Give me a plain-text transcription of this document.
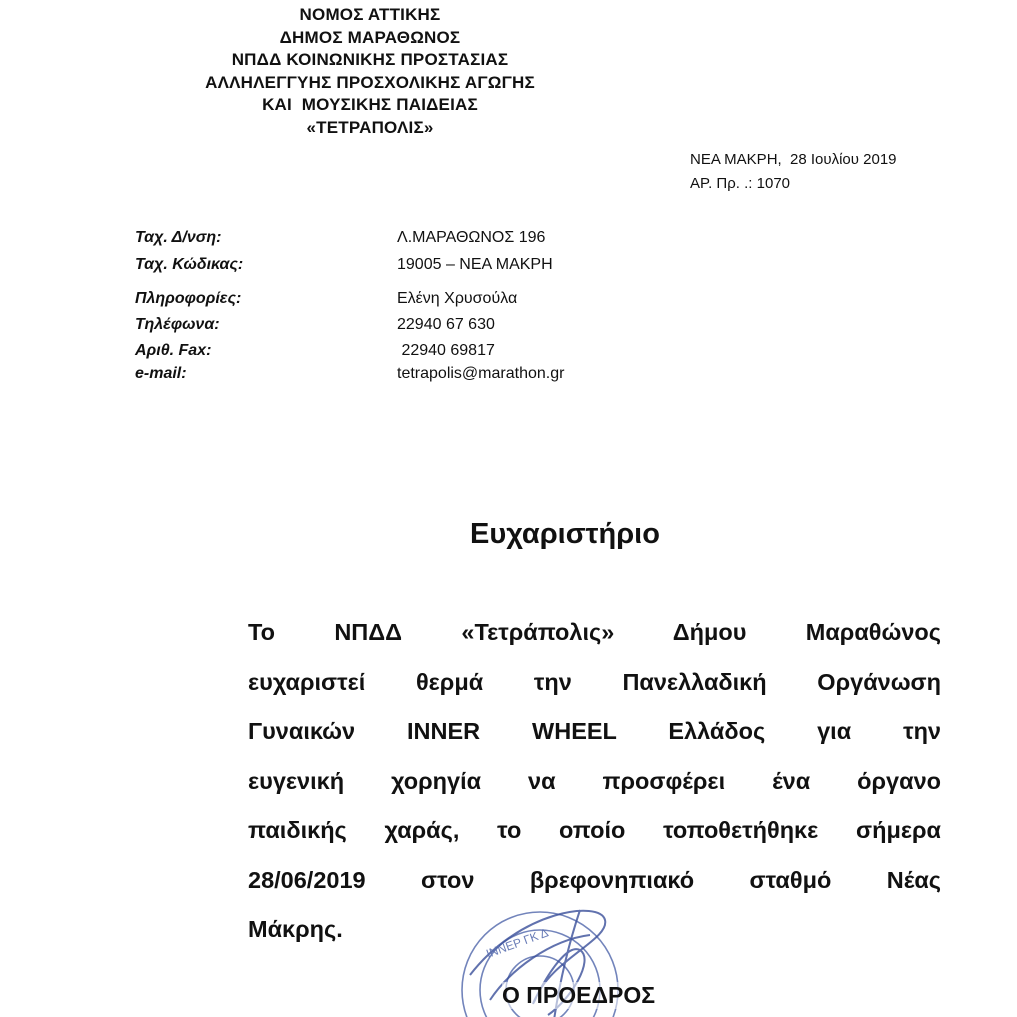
ΝΟΜΟΣ ΑΤΤΙΚΗΣ
ΔΗΜΟΣ ΜΑΡΑΘΩΝΟΣ
ΝΠΔΔ ΚΟΙΝΩΝΙΚΗΣ ΠΡΟΣΤΑΣΙΑΣ
ΑΛΛΗΛΕΓΓΥΗΣ ΠΡΟΣΧΟΛΙΚΗΣ ΑΓΩΓΗΣ
ΚΑΙ  ΜΟΥΣΙΚΗΣ ΠΑΙΔΕΙΑΣ
«ΤΕΤΡΑΠΟΛΙΣ»
ΝΕΑ ΜΑΚΡΗ,  28 Ιουλίου 2019
ΑΡ. Πρ. .: 1070
Ταχ. Δ/νση:	Λ.ΜΑΡΑΘΩΝΟΣ 196
Ταχ. Κώδικας:	19005 – ΝΕΑ ΜΑΚΡΗ
Πληροφορίες:	Ελένη Χρυσούλα
Τηλέφωνα:	22940 67 630
Αριθ. Fax:	22940 69817
e-mail:	tetrapolis@marathon.gr
Ευχαριστήριο
Το ΝΠΔΔ «Τετράπολις» Δήμου Μαραθώνος
ευχαριστεί θερμά την Πανελλαδική Οργάνωση
Γυναικών INNER WHEEL Ελλάδος για την
ευγενική χορηγία να προσφέρει ένα όργανο
παιδικής χαράς, το οποίο τοποθετήθηκε σήμερα
28/06/2019 στον βρεφονηπιακό σταθμό Νέας
Μάκρης.	ΙΝΝΕΡ ΓΚ Δ
Ο ΠΡΟΕΔΡΟΣ
